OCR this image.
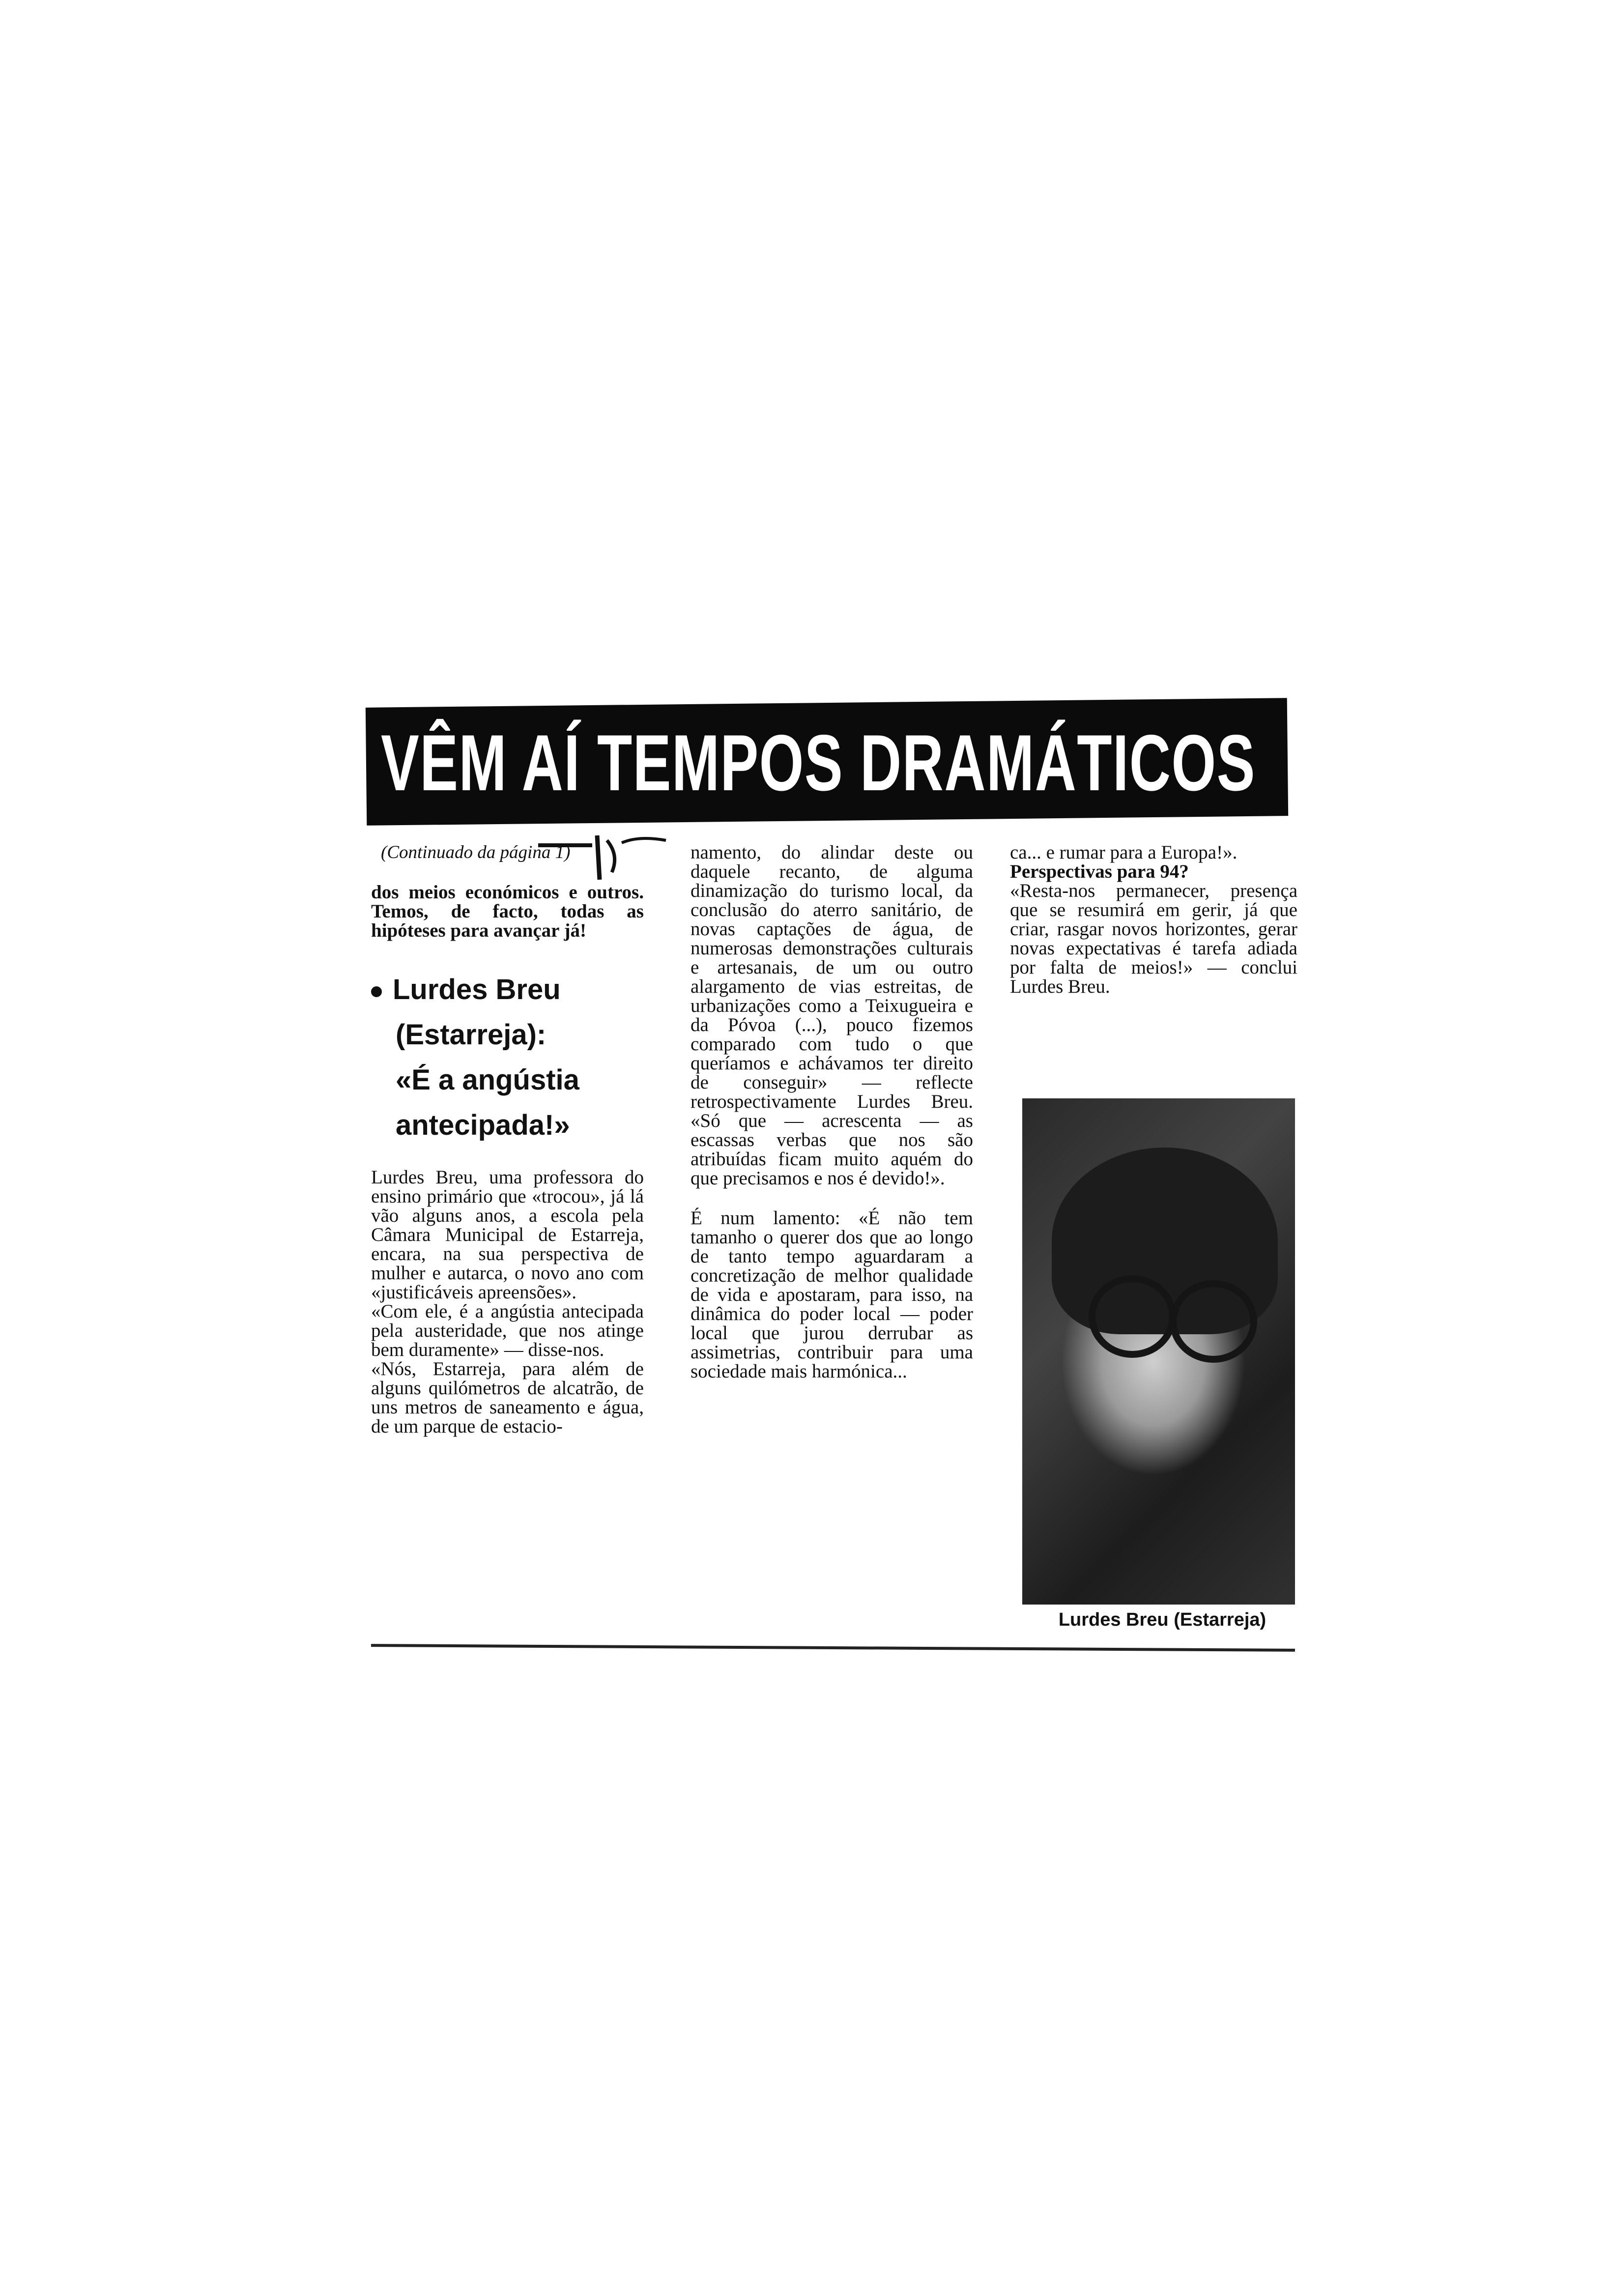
VÊM AÍ TEMPOS DRAMÁTICOS
(Continuado da página 1)

dos meios económicos e outros. Temos, de facto, todas as hipóteses para avançar já!

Lurdes Breu
(Estarreja):
«É a angústia
antecipada!»

Lurdes Breu, uma professora do ensino primário que «trocou», já lá vão alguns anos, a escola pela Câmara Municipal de Estarreja, encara, na sua perspectiva de mulher e autarca, o novo ano com «justificáveis apreensões».

«Com ele, é a angústia antecipada pela austeridade, que nos atinge bem duramente» — disse-nos.

«Nós, Estarreja, para além de alguns quilómetros de alcatrão, de uns metros de saneamento e água, de um parque de estacio-

namento, do alindar deste ou daquele recanto, de alguma dinamização do turismo local, da conclusão do aterro sanitário, de novas captações de água, de numerosas demonstrações culturais e artesanais, de um ou outro alargamento de vias estreitas, de urbanizações como a Teixugueira e da Póvoa (...), pouco fizemos comparado com tudo o que queríamos e achávamos ter direito de conseguir» — reflecte retrospectivamente Lurdes Breu. «Só que — acrescenta — as escassas verbas que nos são atribuídas ficam muito aquém do que precisamos e nos é devido!».

É num lamento: «É não tem tamanho o querer dos que ao longo de tanto tempo aguardaram a concretização de melhor qualidade de vida e apostaram, para isso, na dinâmica do poder local — poder local que jurou derrubar as assimetrias, contribuir para uma sociedade mais harmónica...

ca... e rumar para a Europa!».

Perspectivas para 94?

«Resta-nos permanecer, presença que se resumirá em gerir, já que criar, rasgar novos horizontes, gerar novas expectativas é tarefa adiada por falta de meios!» — conclui Lurdes Breu.

Lurdes Breu (Estarreja)
